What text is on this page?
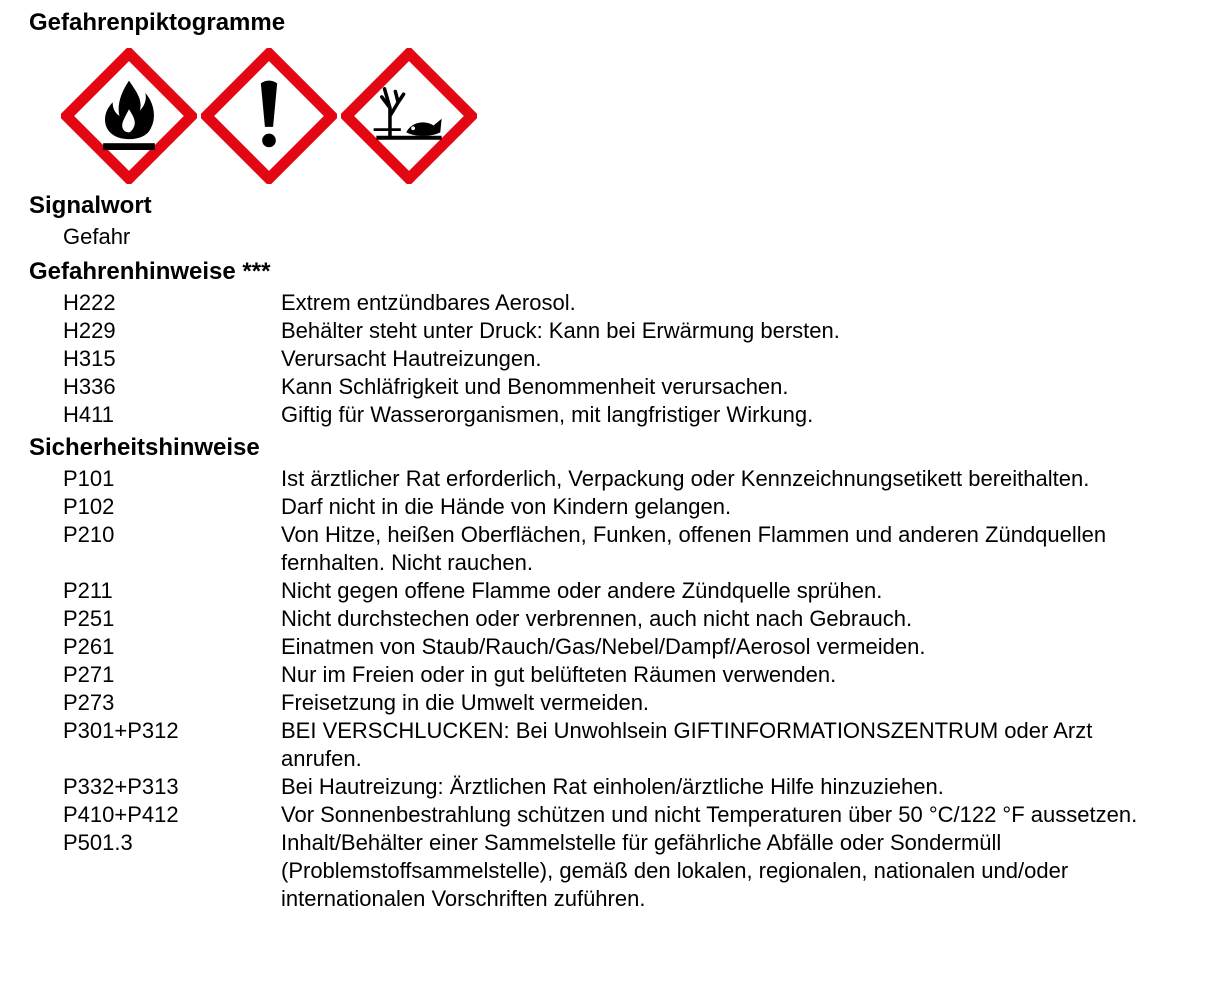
Gefahrenpiktogramme
Signalwort
Gefahr
Gefahrenhinweise ***
H222	Extrem entzündbares Aerosol.
H229	Behälter steht unter Druck: Kann bei Erwärmung bersten.
H315	Verursacht Hautreizungen.
H336	Kann Schläfrigkeit und Benommenheit verursachen.
H411	Giftig für Wasserorganismen, mit langfristiger Wirkung.
Sicherheitshinweise
P101	Ist ärztlicher Rat erforderlich, Verpackung oder Kennzeichnungsetikett bereithalten.
P102	Darf nicht in die Hände von Kindern gelangen.
P210	Von Hitze, heißen Oberflächen, Funken, offenen Flammen und anderen Zündquellen fernhalten. Nicht rauchen.
P211	Nicht gegen offene Flamme oder andere Zündquelle sprühen.
P251	Nicht durchstechen oder verbrennen, auch nicht nach Gebrauch.
P261	Einatmen von Staub/Rauch/Gas/Nebel/Dampf/Aerosol vermeiden.
P271	Nur im Freien oder in gut belüfteten Räumen verwenden.
P273	Freisetzung in die Umwelt vermeiden.
P301+P312	BEI VERSCHLUCKEN: Bei Unwohlsein GIFTINFORMATIONSZENTRUM oder Arzt anrufen.
P332+P313	Bei Hautreizung: Ärztlichen Rat einholen/ärztliche Hilfe hinzuziehen.
P410+P412	Vor Sonnenbestrahlung schützen und nicht Temperaturen über 50 °C/122 °F aussetzen.
P501.3	Inhalt/Behälter einer Sammelstelle für gefährliche Abfälle oder Sondermüll (Problemstoffsammelstelle), gemäß den lokalen, regionalen, nationalen und/oder internationalen Vorschriften zuführen.
